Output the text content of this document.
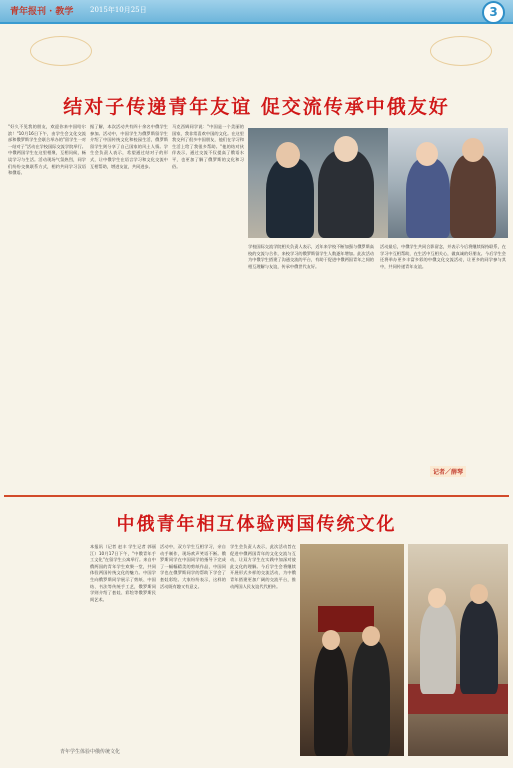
青年报刊 · 教学 2015年10月25日	3
结对子传递青年友谊 促交流传承中俄友好
"好久不见我的朋友，欢迎你来中国哈尔滨！"10月16日下午，由学生会文化交流部和俄罗斯学生会联合举办的"留学生一对一结对子"活动在学校国际交流学院举行。中俄两国学生在这里相聚，互相问候，畅谈学习与生活。活动现场气氛热烈，同学们纷纷交换联系方式，相约共同学习汉语和俄语。
据了解，本次活动共有四十余名中俄学生参加。活动中，中国学生为俄罗斯留学生介绍了中国传统文化和校园生活，俄罗斯留学生则分享了自己国家的风土人情。学生会负责人表示，希望通过结对子的形式，让中俄学生在语言学习和文化交流中互相帮助，增进友谊，共同进步。
马克西姆同学说："中国是一个美丽的国家，我非常喜欢中国的文化。在这里我交到了很多中国朋友，他们在学习和生活上给了我很多帮助。"他的结对伙伴表示，通过交流不仅提高了俄语水平，也更加了解了俄罗斯的文化和习俗。
学校国际交流学院相关负责人表示，近年来学校不断加强与俄罗斯高校的交流与合作，来校学习的俄罗斯留学生人数逐年增加。此次活动为中俄学生搭建了沟通交流的平台，有助于促进中俄两国青年之间的相互理解与友谊，传承中俄世代友好。
活动最后，中俄学生共同合影留念，并表示今后将继续保持联系，在学习中互相帮助，在生活中互相关心，做真诚的好朋友。今后学生会还将举办更多丰富多彩的中俄文化交流活动，让更多的同学参与其中，共同传递青年友谊。
记者／薛琴
中俄青年相互体验两国传统文化
本报讯（记者 赵丰 学生记者 郭丽江）10月17日下午，"中俄青年手工文化"在留学生公寓举行。来自中俄两国的青年学生欢聚一堂，共同体验两国传统文化的魅力。中国学生向俄罗斯同学展示了剪纸、中国结、书法等传统手工艺，俄罗斯同学则介绍了套娃、彩绘等俄罗斯民间艺术。
活动中，双方学生互相学习，亲自动手制作，现场欢声笑语不断。俄罗斯同学在中国同学的指导下完成了一幅幅精美的剪纸作品，中国同学也在俄罗斯同学的帮助下学会了套娃彩绘。大家纷纷表示，这样的活动既有趣又有意义。
学生会负责人表示，此次活动旨在促进中俄两国青年的文化交流与互动，让双方学生在实践中加深对彼此文化的理解。今后学生会将继续开展形式多样的交流活动，为中俄青年搭建更加广阔的交流平台，推动两国人民友谊代代相传。
青年学生体验中俄传统文化
